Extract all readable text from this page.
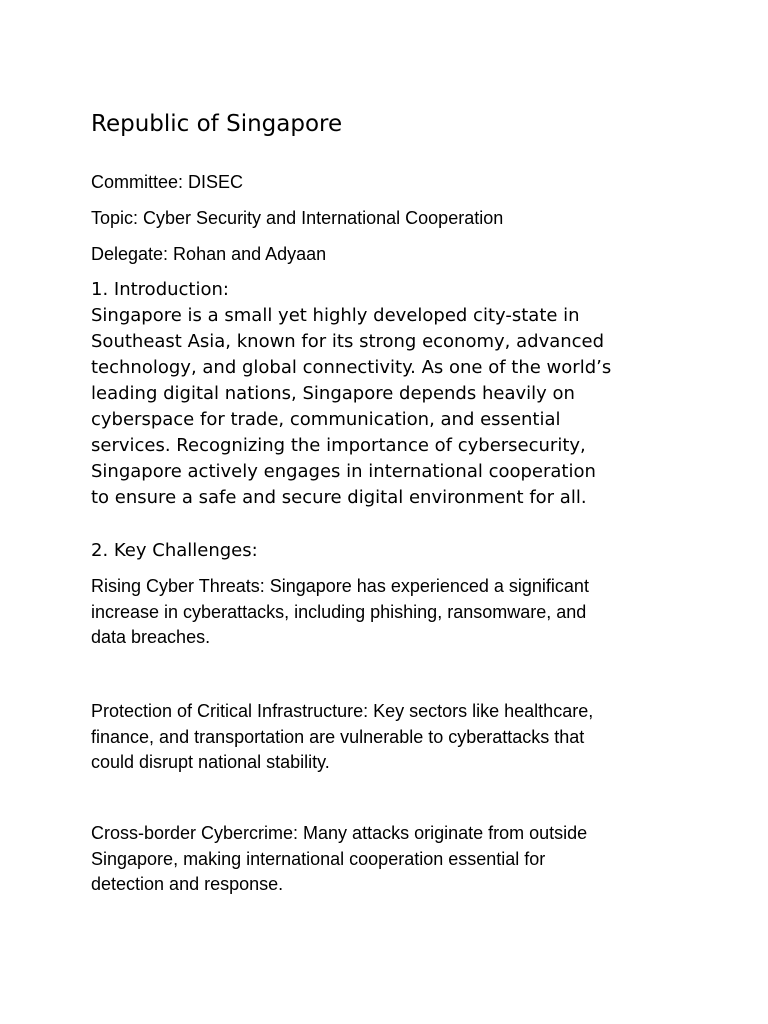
Republic of Singapore

Committee: DISEC

Topic: Cyber Security and International Cooperation

Delegate: Rohan and Adyaan

1. Introduction:
Singapore is a small yet highly developed city-state in
Southeast Asia, known for its strong economy, advanced
technology, and global connectivity. As one of the world’s
leading digital nations, Singapore depends heavily on
cyberspace for trade, communication, and essential
services. Recognizing the importance of cybersecurity,
Singapore actively engages in international cooperation
to ensure a safe and secure digital environment for all.
2. Key Challenges:
Rising Cyber Threats: Singapore has experienced a significant
increase in cyberattacks, including phishing, ransomware, and
data breaches.
Protection of Critical Infrastructure: Key sectors like healthcare,
finance, and transportation are vulnerable to cyberattacks that
could disrupt national stability.
Cross-border Cybercrime: Many attacks originate from outside
Singapore, making international cooperation essential for
detection and response.
